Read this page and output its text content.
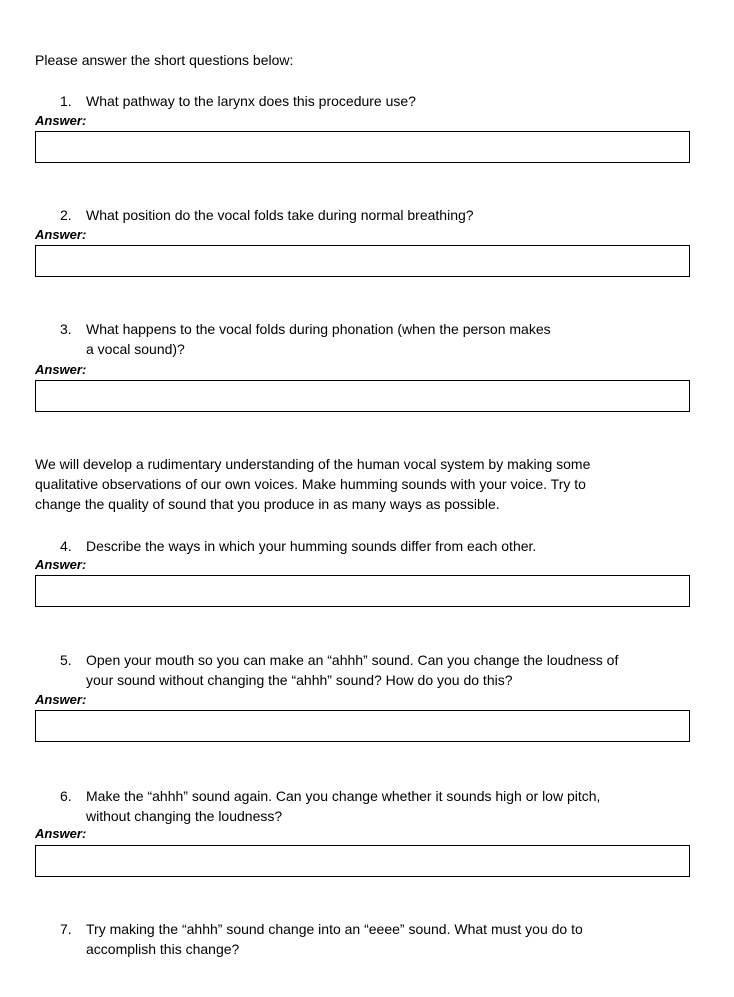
Please answer the short questions below:

1. What pathway to the larynx does this procedure use?
Answer:
2. What position do the vocal folds take during normal breathing?
Answer:
3. What happens to the vocal folds during phonation (when the person makes
a vocal sound)?
Answer:

We will develop a rudimentary understanding of the human vocal system by making some

qualitative observations of our own voices. Make humming sounds with your voice. Try to

change the quality of sound that you produce in as many ways as possible.

4. Describe the ways in which your humming sounds differ from each other.
Answer:
5. Open your mouth so you can make an “ahhh” sound. Can you change the loudness of
your sound without changing the “ahhh” sound? How do you do this?
Answer:
6. Make the “ahhh” sound again. Can you change whether it sounds high or low pitch,
without changing the loudness?
Answer:
7. Try making the “ahhh” sound change into an “eeee” sound. What must you do to
accomplish this change?
